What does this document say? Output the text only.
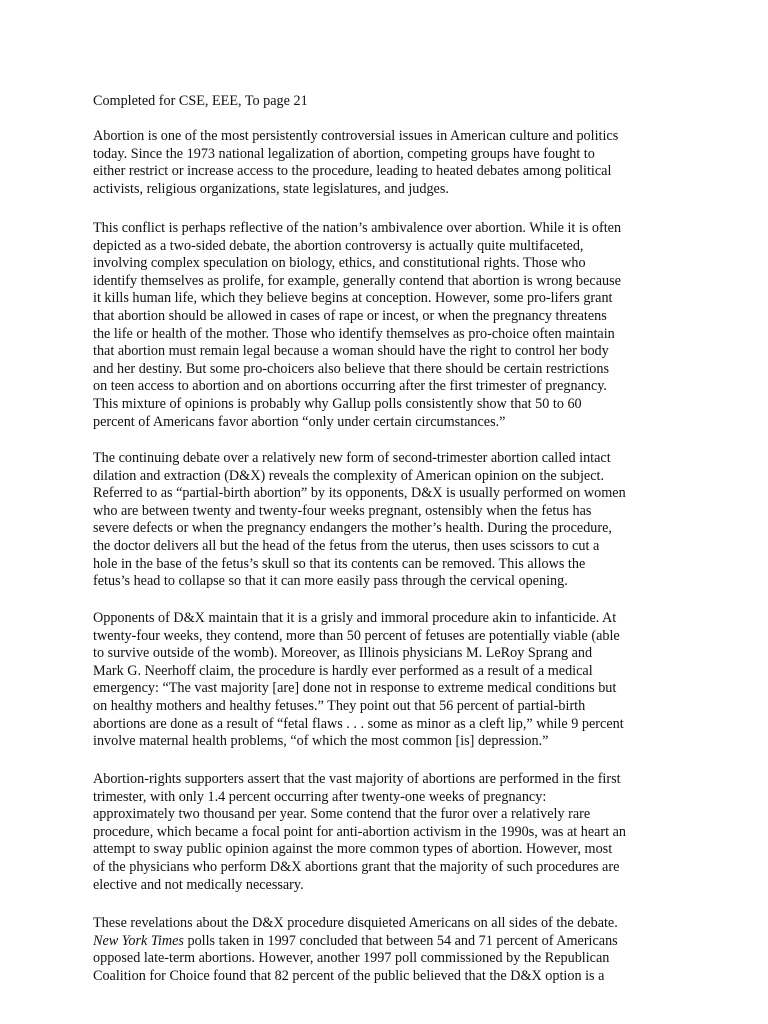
Completed for CSE, EEE, To page 21
Abortion is one of the most persistently controversial issues in American culture and politics
today. Since the 1973 national legalization of abortion, competing groups have fought to
either restrict or increase access to the procedure, leading to heated debates among political
activists, religious organizations, state legislatures, and judges.
This conflict is perhaps reflective of the nation’s ambivalence over abortion. While it is often
depicted as a two-sided debate, the abortion controversy is actually quite multifaceted,
involving complex speculation on biology, ethics, and constitutional rights. Those who
identify themselves as prolife, for example, generally contend that abortion is wrong because
it kills human life, which they believe begins at conception. However, some pro-lifers grant
that abortion should be allowed in cases of rape or incest, or when the pregnancy threatens
the life or health of the mother. Those who identify themselves as pro-choice often maintain
that abortion must remain legal because a woman should have the right to control her body
and her destiny. But some pro-choicers also believe that there should be certain restrictions
on teen access to abortion and on abortions occurring after the first trimester of pregnancy.
This mixture of opinions is probably why Gallup polls consistently show that 50 to 60
percent of Americans favor abortion “only under certain circumstances.”
The continuing debate over a relatively new form of second-trimester abortion called intact
dilation and extraction (D&X) reveals the complexity of American opinion on the subject.
Referred to as “partial-birth abortion” by its opponents, D&X is usually performed on women
who are between twenty and twenty-four weeks pregnant, ostensibly when the fetus has
severe defects or when the pregnancy endangers the mother’s health. During the procedure,
the doctor delivers all but the head of the fetus from the uterus, then uses scissors to cut a
hole in the base of the fetus’s skull so that its contents can be removed. This allows the
fetus’s head to collapse so that it can more easily pass through the cervical opening.
Opponents of D&X maintain that it is a grisly and immoral procedure akin to infanticide. At
twenty-four weeks, they contend, more than 50 percent of fetuses are potentially viable (able
to survive outside of the womb). Moreover, as Illinois physicians M. LeRoy Sprang and
Mark G. Neerhoff claim, the procedure is hardly ever performed as a result of a medical
emergency: “The vast majority [are] done not in response to extreme medical conditions but
on healthy mothers and healthy fetuses.” They point out that 56 percent of partial-birth
abortions are done as a result of “fetal flaws . . . some as minor as a cleft lip,” while 9 percent
involve maternal health problems, “of which the most common [is] depression.”
Abortion-rights supporters assert that the vast majority of abortions are performed in the first
trimester, with only 1.4 percent occurring after twenty-one weeks of pregnancy:
approximately two thousand per year. Some contend that the furor over a relatively rare
procedure, which became a focal point for anti-abortion activism in the 1990s, was at heart an
attempt to sway public opinion against the more common types of abortion. However, most
of the physicians who perform D&X abortions grant that the majority of such procedures are
elective and not medically necessary.
These revelations about the D&X procedure disquieted Americans on all sides of the debate.
New York Times polls taken in 1997 concluded that between 54 and 71 percent of Americans
opposed late-term abortions. However, another 1997 poll commissioned by the Republican
Coalition for Choice found that 82 percent of the public believed that the D&X option is a
